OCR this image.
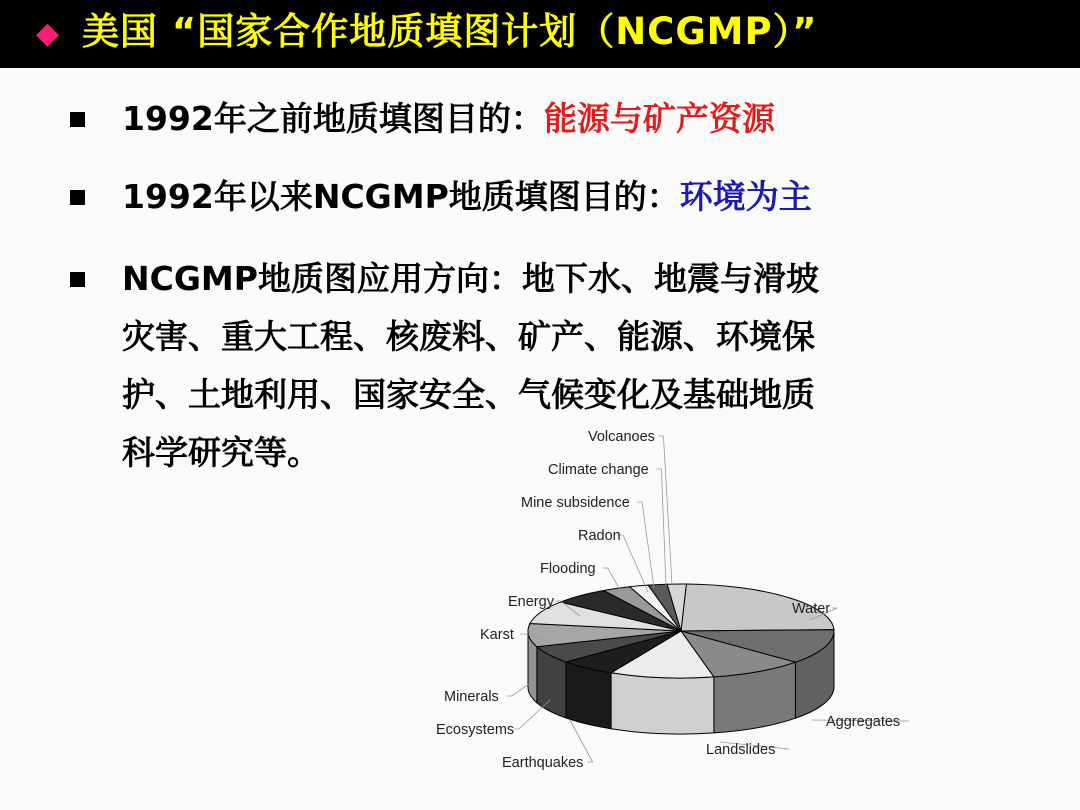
◆ 美国 “国家合作地质填图计划（NCGMP）”
1992年之前地质填图目的：能源与矿产资源
1992年以来NCGMP地质填图目的：环境为主
NCGMP地质图应用方向：地下水、地震与滑坡
灾害、重大工程、核废料、矿产、能源、环境保
护、土地利用、国家安全、气候变化及基础地质
科学研究等。
Water
Aggregates
Landslides
Earthquakes
Ecosystems
Minerals
Karst
Energy
Flooding
Radon
Mine subsidence
Climate change
Volcanoes
